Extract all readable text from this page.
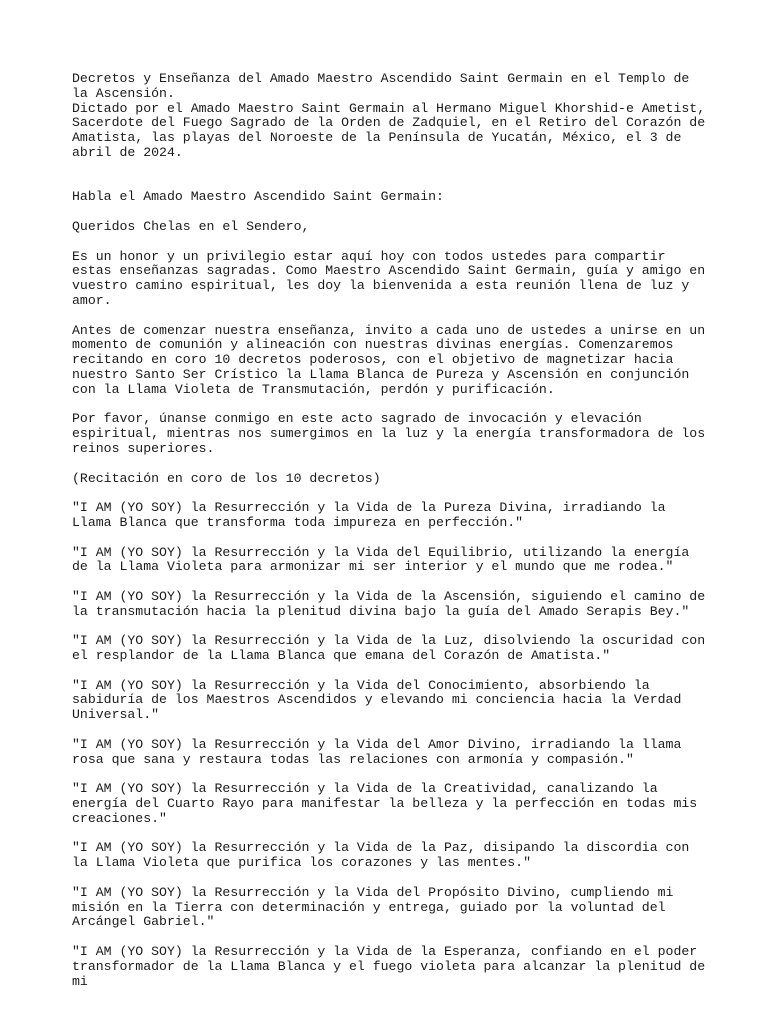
Decretos y Enseñanza del Amado Maestro Ascendido Saint Germain en el Templo de la Ascensión.

Dictado por el Amado Maestro Saint Germain al Hermano Miguel Khorshid-e Ametist, Sacerdote del Fuego Sagrado de la Orden de Zadquiel, en el Retiro del Corazón de Amatista, las playas del Noroeste de la Península de Yucatán, México, el 3 de abril de 2024.

Habla el Amado Maestro Ascendido Saint Germain:

Queridos Chelas en el Sendero,

Es un honor y un privilegio estar aquí hoy con todos ustedes para compartir estas enseñanzas sagradas. Como Maestro Ascendido Saint Germain, guía y amigo en vuestro camino espiritual, les doy la bienvenida a esta reunión llena de luz y amor.

Antes de comenzar nuestra enseñanza, invito a cada uno de ustedes a unirse en un momento de comunión y alineación con nuestras divinas energías. Comenzaremos recitando en coro 10 decretos poderosos, con el objetivo de magnetizar hacia nuestro Santo Ser Crístico la Llama Blanca de Pureza y Ascensión en conjunción con la Llama Violeta de Transmutación, perdón y purificación.

Por favor, únanse conmigo en este acto sagrado de invocación y elevación espiritual, mientras nos sumergimos en la luz y la energía transformadora de los reinos superiores.

(Recitación en coro de los 10 decretos)

"I AM (YO SOY) la Resurrección y la Vida de la Pureza Divina, irradiando la Llama Blanca que transforma toda impureza en perfección."

"I AM (YO SOY) la Resurrección y la Vida del Equilibrio, utilizando la energía de la Llama Violeta para armonizar mi ser interior y el mundo que me rodea."

"I AM (YO SOY) la Resurrección y la Vida de la Ascensión, siguiendo el camino de la transmutación hacia la plenitud divina bajo la guía del Amado Serapis Bey."

"I AM (YO SOY) la Resurrección y la Vida de la Luz, disolviendo la oscuridad con el resplandor de la Llama Blanca que emana del Corazón de Amatista."

"I AM (YO SOY) la Resurrección y la Vida del Conocimiento, absorbiendo la sabiduría de los Maestros Ascendidos y elevando mi conciencia hacia la Verdad Universal."

"I AM (YO SOY) la Resurrección y la Vida del Amor Divino, irradiando la llama rosa que sana y restaura todas las relaciones con armonía y compasión."

"I AM (YO SOY) la Resurrección y la Vida de la Creatividad, canalizando la energía del Cuarto Rayo para manifestar la belleza y la perfección en todas mis creaciones."

"I AM (YO SOY) la Resurrección y la Vida de la Paz, disipando la discordia con la Llama Violeta que purifica los corazones y las mentes."

"I AM (YO SOY) la Resurrección y la Vida del Propósito Divino, cumpliendo mi misión en la Tierra con determinación y entrega, guiado por la voluntad del Arcángel Gabriel."

"I AM (YO SOY) la Resurrección y la Vida de la Esperanza, confiando en el poder transformador de la Llama Blanca y el fuego violeta para alcanzar la plenitud de mi
